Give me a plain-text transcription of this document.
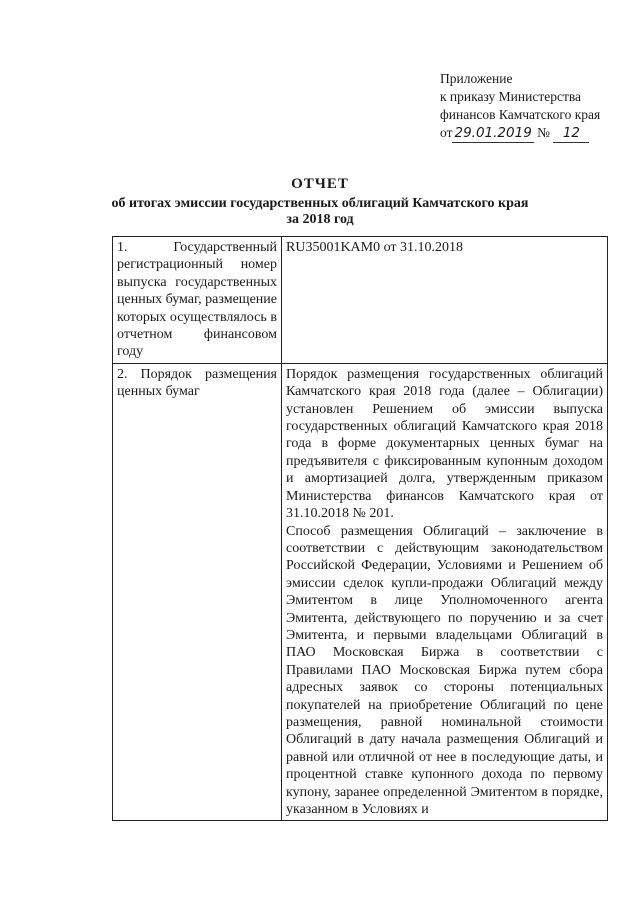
Приложение
к приказу Министерства
финансов Камчатского края
от 29.01.2019 № 12
ОТЧЕТ
об итогах эмиссии государственных облигаций Камчатского края
за 2018 год
1. Государственный регистрационный номер выпуска государственных ценных бумаг, размещение которых осуществлялось в отчетном финансовом году	RU35001KAM0 от 31.10.2018
2. Порядок размещения ценных бумаг	Порядок размещения государственных облигаций Камчатского края 2018 года (далее – Облигации) установлен Решением об эмиссии выпуска государственных облигаций Камчатского края 2018 года в форме документарных ценных бумаг на предъявителя с фиксированным купонным доходом и амортизацией долга, утвержденным приказом Министерства финансов Камчатского края от 31.10.2018 № 201.
Способ размещения Облигаций – заключение в соответствии с действующим законодательством Российской Федерации, Условиями и Решением об эмиссии сделок купли-продажи Облигаций между Эмитентом в лице Уполномоченного агента Эмитента, действующего по поручению и за счет Эмитента, и первыми владельцами Облигаций в ПАО Московская Биржа в соответствии с Правилами ПАО Московская Биржа путем сбора адресных заявок со стороны потенциальных покупателей на приобретение Облигаций по цене размещения, равной номинальной стоимости Облигаций в дату начала размещения Облигаций и равной или отличной от нее в последующие даты, и процентной ставке купонного дохода по первому купону, заранее определенной Эмитентом в порядке, указанном в Условиях и
